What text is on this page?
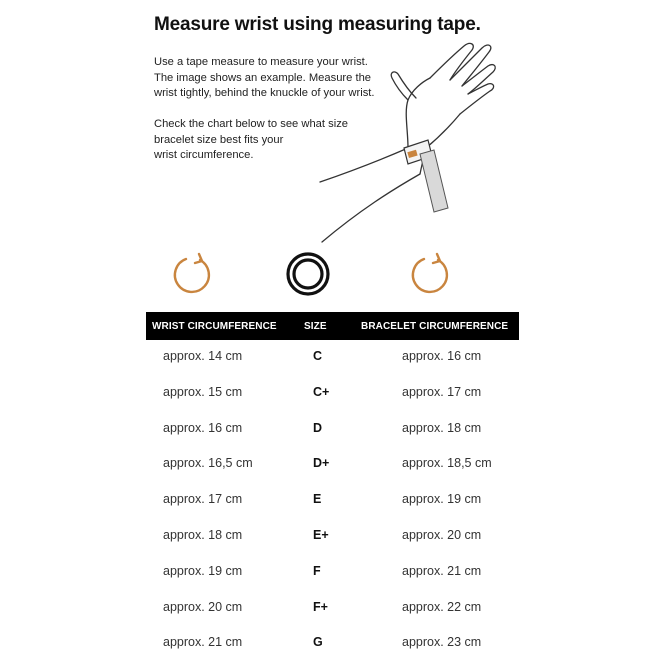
Measure wrist using measuring tape.
Use a tape measure to measure your wrist.
The image shows an example. Measure the
wrist tightly, behind the knuckle of your wrist.
Check the chart below to see what size
bracelet size best fits your
wrist circumference.
WRIST CIRCUMFERENCE	SIZE	BRACELET CIRCUMFERENCE
approx. 14 cm	C	approx. 16 cm
approx. 15 cm	C+	approx. 17 cm
approx. 16 cm	D	approx. 18 cm
approx. 16,5 cm	D+	approx. 18,5 cm
approx. 17 cm	E	approx. 19 cm
approx. 18 cm	E+	approx. 20 cm
approx. 19 cm	F	approx. 21 cm
approx. 20 cm	F+	approx. 22 cm
approx. 21 cm	G	approx. 23 cm
